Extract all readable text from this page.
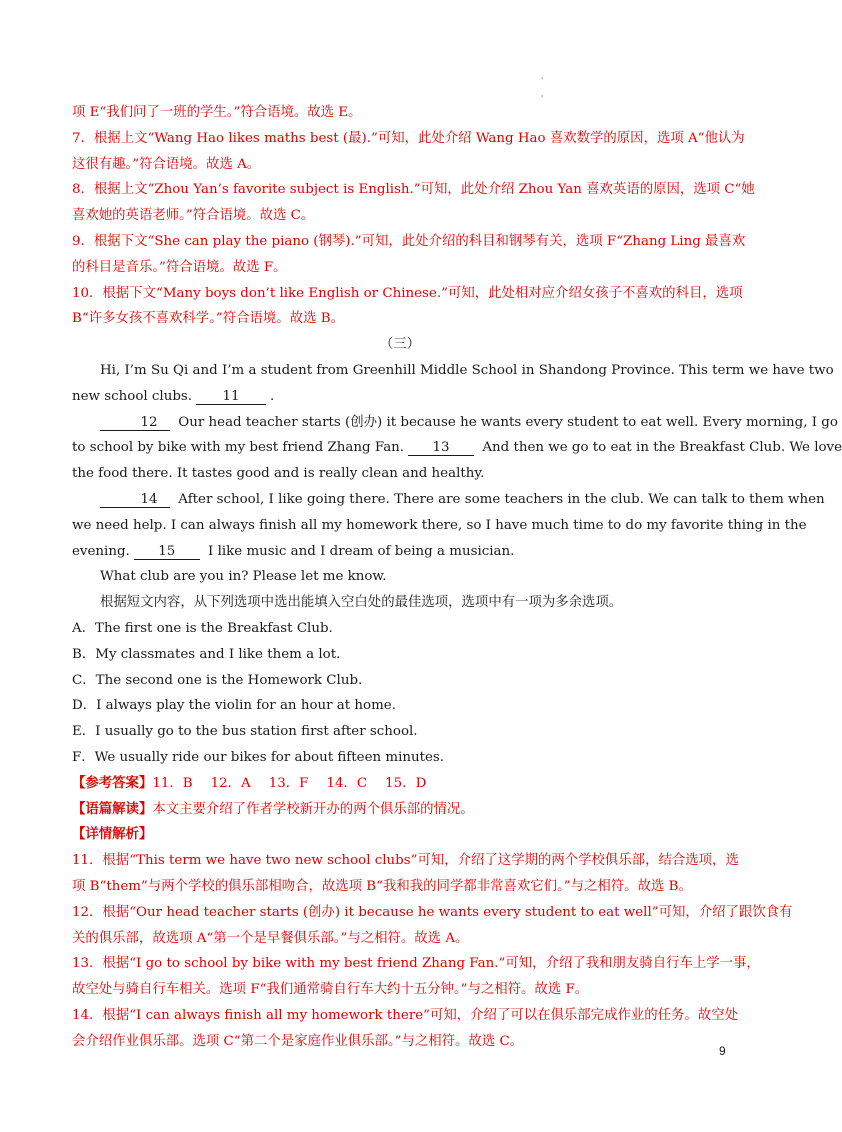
'
'
项 E“我们问了一班的学生。”符合语境。故选 E。
7．根据上文“Wang Hao likes maths best (最).”可知，此处介绍 Wang Hao 喜欢数学的原因，选项 A“他认为
这很有趣。”符合语境。故选 A。
8．根据上文“Zhou Yan’s favorite subject is English.”可知，此处介绍 Zhou Yan 喜欢英语的原因，选项 C“她
喜欢她的英语老师。”符合语境。故选 C。
9．根据下文“She can play the piano (钢琴).”可知，此处介绍的科目和钢琴有关，选项 F“Zhang Ling 最喜欢
的科目是音乐。”符合语境。故选 F。
10．根据下文“Many boys don’t like English or Chinese.”可知，此处相对应介绍女孩子不喜欢的科目，选项
B“许多女孩不喜欢科学。”符合语境。故选 B。
（三）
Hi, I’m Su Qi and I’m a student from Greenhill Middle School in Shandong Province. This term we have two
new school clubs. 11 .
12 Our head teacher starts (创办) it because he wants every student to eat well. Every morning, I go
to school by bike with my best friend Zhang Fan. 13 And then we go to eat in the Breakfast Club. We love
the food there. It tastes good and is really clean and healthy.
14 After school, I like going there. There are some teachers in the club. We can talk to them when
we need help. I can always finish all my homework there, so I have much time to do my favorite thing in the
evening. 15 I like music and I dream of being a musician.
What club are you in? Please let me know.
根据短文内容，从下列选项中选出能填入空白处的最佳选项，选项中有一项为多余选项。
A．The first one is the Breakfast Club.
B．My classmates and I like them a lot.
C．The second one is the Homework Club.
D．I always play the violin for an hour at home.
E．I usually go to the bus station first after school.
F．We usually ride our bikes for about fifteen minutes.
【参考答案】11．B 12．A 13．F 14．C 15．D
【语篇解读】本文主要介绍了作者学校新开办的两个俱乐部的情况。
【详情解析】
11．根据“This term we have two new school clubs”可知，介绍了这学期的两个学校俱乐部，结合选项，选
项 B“them”与两个学校的俱乐部相吻合，故选项 B“我和我的同学都非常喜欢它们。”与之相符。故选 B。
12．根据“Our head teacher starts (创办) it because he wants every student to eat well”可知，介绍了跟饮食有
关的俱乐部，故选项 A“第一个是早餐俱乐部。”与之相符。故选 A。
13．根据“I go to school by bike with my best friend Zhang Fan.”可知，介绍了我和朋友骑自行车上学一事，
故空处与骑自行车相关。选项 F“我们通常骑自行车大约十五分钟。”与之相符。故选 F。
14．根据“I can always finish all my homework there”可知，介绍了可以在俱乐部完成作业的任务。故空处
会介绍作业俱乐部。选项 C“第二个是家庭作业俱乐部。”与之相符。故选 C。
9
